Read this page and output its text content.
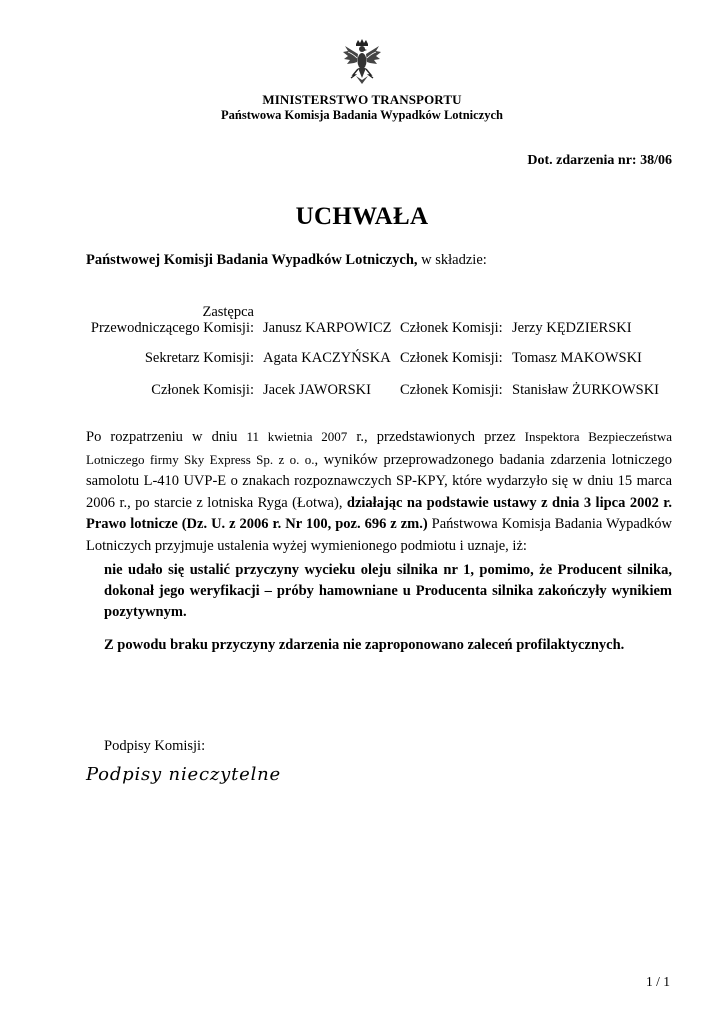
MINISTERSTWO TRANSPORTU
Państwowa Komisja Badania Wypadków Lotniczych
Dot. zdarzenia nr: 38/06
UCHWAŁA
Państwowej Komisji Badania Wypadków Lotniczych, w składzie:
Zastępca
Przewodniczącego Komisji: Janusz KARPOWICZ Członek Komisji: Jerzy KĘDZIERSKI
Sekretarz Komisji: Agata KACZYŃSKA Członek Komisji: Tomasz MAKOWSKI
Członek Komisji: Jacek JAWORSKI Członek Komisji: Stanisław ŻURKOWSKI
Po rozpatrzeniu w dniu 11 kwietnia 2007 r., przedstawionych przez Inspektora Bezpieczeństwa Lotniczego firmy Sky Express Sp. z o. o., wyników przeprowadzonego badania zdarzenia lotniczego samolotu L-410 UVP-E o znakach rozpoznawczych SP-KPY, które wydarzyło się w dniu 15 marca 2006 r., po starcie z lotniska Ryga (Łotwa), działając na podstawie ustawy z dnia 3 lipca 2002 r. Prawo lotnicze (Dz. U. z 2006 r. Nr 100, poz. 696 z zm.) Państwowa Komisja Badania Wypadków Lotniczych przyjmuje ustalenia wyżej wymienionego podmiotu i uznaje, iż:
nie udało się ustalić przyczyny wycieku oleju silnika nr 1, pomimo, że Producent silnika, dokonał jego weryfikacji – próby hamowniane u Producenta silnika zakończyły wynikiem pozytywnym.
Z powodu braku przyczyny zdarzenia nie zaproponowano zaleceń profilaktycznych.
Podpisy Komisji:
Podpisy nieczytelne
1 / 1
